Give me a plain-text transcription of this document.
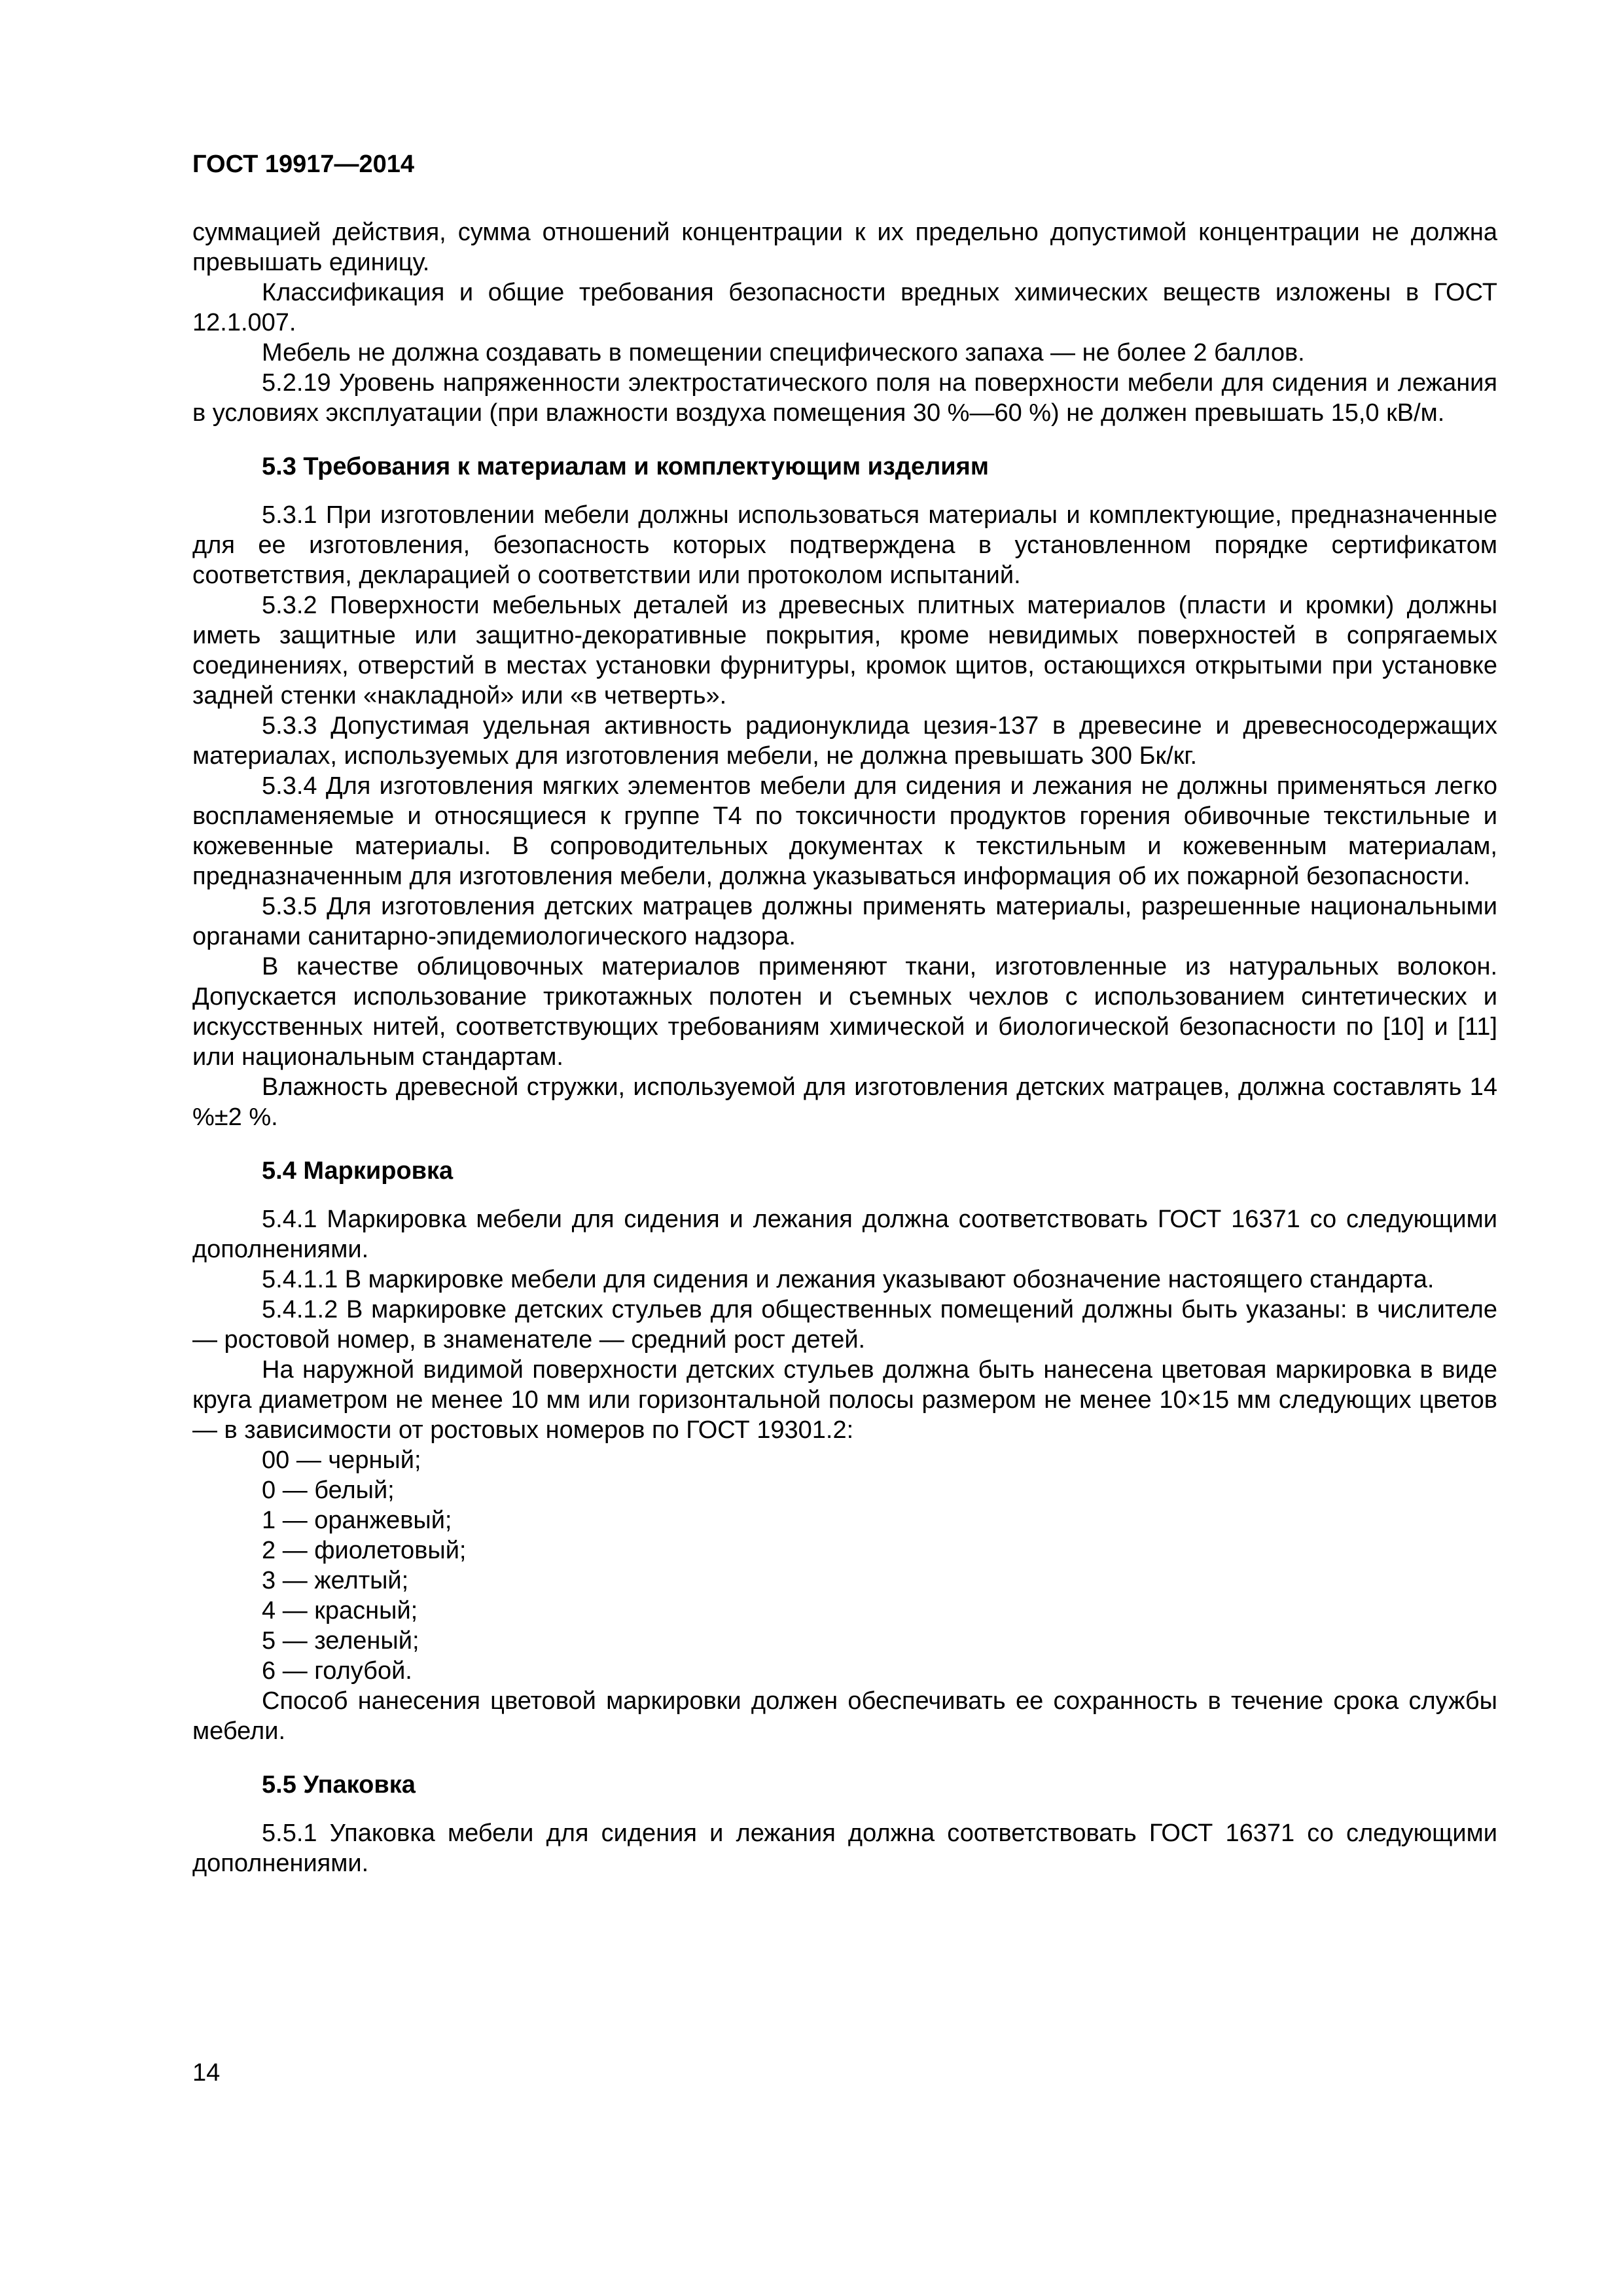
ГОСТ 19917—2014

суммацией действия, сумма отношений концентрации к их предельно допустимой концентрации не должна превышать единицу.

Классификация и общие требования безопасности вредных химических веществ изложены в ГОСТ 12.1.007.

Мебель не должна создавать в помещении специфического запаха — не более 2 баллов.

5.2.19 Уровень напряженности электростатического поля на поверхности мебели для сидения и лежания в условиях эксплуатации (при влажности воздуха помещения 30 %—60 %) не должен превышать 15,0 кВ/м.

5.3 Требования к материалам и комплектующим изделиям

5.3.1 При изготовлении мебели должны использоваться материалы и комплектующие, предназначенные для ее изготовления, безопасность которых подтверждена в установленном порядке сертификатом соответствия, декларацией о соответствии или протоколом испытаний.

5.3.2 Поверхности мебельных деталей из древесных плитных материалов (пласти и кромки) должны иметь защитные или защитно-декоративные покрытия, кроме невидимых поверхностей в сопрягаемых соединениях, отверстий в местах установки фурнитуры, кромок щитов, остающихся открытыми при установке задней стенки «накладной» или «в четверть».

5.3.3 Допустимая удельная активность радионуклида цезия-137 в древесине и древесносодержащих материалах, используемых для изготовления мебели, не должна превышать 300 Бк/кг.

5.3.4 Для изготовления мягких элементов мебели для сидения и лежания не должны применяться легко воспламеняемые и относящиеся к группе Т4 по токсичности продуктов горения обивочные текстильные и кожевенные материалы. В сопроводительных документах к текстильным и кожевенным материалам, предназначенным для изготовления мебели, должна указываться информация об их пожарной безопасности.

5.3.5 Для изготовления детских матрацев должны применять материалы, разрешенные национальными органами санитарно-эпидемиологического надзора.

В качестве облицовочных материалов применяют ткани, изготовленные из натуральных волокон. Допускается использование трикотажных полотен и съемных чехлов с использованием синтетических и искусственных нитей, соответствующих требованиям химической и биологической безопасности по [10] и [11] или национальным стандартам.

Влажность древесной стружки, используемой для изготовления детских матрацев, должна составлять 14 %±2 %.

5.4 Маркировка

5.4.1 Маркировка мебели для сидения и лежания должна соответствовать ГОСТ 16371 со следующими дополнениями.

5.4.1.1 В маркировке мебели для сидения и лежания указывают обозначение настоящего стандарта.

5.4.1.2 В маркировке детских стульев для общественных помещений должны быть указаны: в числителе — ростовой номер, в знаменателе — средний рост детей.

На наружной видимой поверхности детских стульев должна быть нанесена цветовая маркировка в виде круга диаметром не менее 10 мм или горизонтальной полосы размером не менее 10×15 мм следующих цветов — в зависимости от ростовых номеров по ГОСТ 19301.2:

00 — черный;

0 — белый;

1 — оранжевый;

2 — фиолетовый;

3 — желтый;

4 — красный;

5 — зеленый;

6 — голубой.

Способ нанесения цветовой маркировки должен обеспечивать ее сохранность в течение срока службы мебели.

5.5 Упаковка

5.5.1 Упаковка мебели для сидения и лежания должна соответствовать ГОСТ 16371 со следующими дополнениями.

14
